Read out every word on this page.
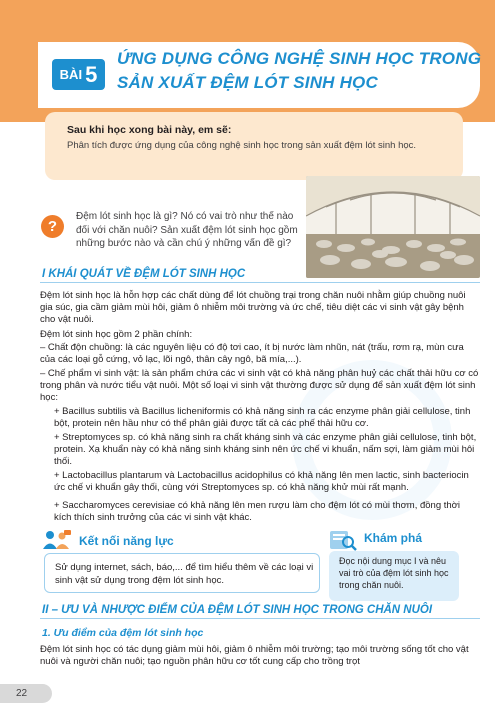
BÀI 5
ỨNG DỤNG CÔNG NGHỆ SINH HỌC TRONG
SẢN XUẤT ĐỆM LÓT SINH HỌC
Sau khi học xong bài này, em sẽ:
Phân tích được ứng dụng của công nghệ sinh học trong sản xuất đệm lót sinh học.
?
Đệm lót sinh học là gì? Nó có vai trò như thế nào đối với chăn nuôi? Sản xuất đệm lót sinh học gồm những bước nào và cần chú ý những vấn đề gì?
I KHÁI QUÁT VỀ ĐỆM LÓT SINH HỌC
Đệm lót sinh học là hỗn hợp các chất dùng để lót chuồng trại trong chăn nuôi nhằm giúp chuồng nuôi gia súc, gia cầm giảm mùi hôi, giảm ô nhiễm môi trường và ức chế, tiêu diệt các vi sinh vật gây bệnh cho vật nuôi.
Đệm lót sinh học gồm 2 phần chính:
– Chất độn chuồng: là các nguyên liệu có độ tơi cao, ít bị nước làm nhũn, nát (trấu, rơm rạ, mùn cưa của các loại gỗ cứng, vỏ lạc, lõi ngô, thân cây ngô, bã mía,...).
– Chế phẩm vi sinh vật: là sản phẩm chứa các vi sinh vật có khả năng phân huỷ các chất thải hữu cơ có trong phân và nước tiểu vật nuôi. Một số loại vi sinh vật thường được sử dụng để sản xuất đệm lót sinh học:
+ Bacillus subtilis và Bacillus licheniformis có khả năng sinh ra các enzyme phân giải cellulose, tinh bột, protein nên hầu như có thể phân giải được tất cả các phế thải hữu cơ.
+ Streptomyces sp. có khả năng sinh ra chất kháng sinh và các enzyme phân giải cellulose, tinh bột, protein. Xạ khuẩn này có khả năng sinh kháng sinh nên ức chế vi khuẩn, nấm sợi, làm giảm mùi hôi thối.
+ Lactobacillus plantarum và Lactobacillus acidophilus có khả năng lên men lactic, sinh bacteriocin ức chế vi khuẩn gây thối, cùng với Streptomyces sp. có khả năng khử mùi rất mạnh.
+ Saccharomyces cerevisiae có khả năng lên men rượu làm cho đệm lót có mùi thơm, đồng thời kích thích sinh trưởng của các vi sinh vật khác.
Kết nối năng lực
Sử dụng internet, sách, báo,... để tìm hiểu thêm về các loại vi sinh vật sử dụng trong đệm lót sinh học.
Khám phá
Đọc nội dung mục I và nêu vai trò của đệm lót sinh học trong chăn nuôi.
II – ƯU VÀ NHƯỢC ĐIỂM CỦA ĐỆM LÓT SINH HỌC TRONG CHĂN NUÔI
1. Ưu điểm của đệm lót sinh học
Đệm lót sinh học có tác dụng giảm mùi hôi, giảm ô nhiễm môi trường; tạo môi trường sống tốt cho vật nuôi và người chăn nuôi; tạo nguồn phân hữu cơ tốt cung cấp cho trồng trọt
22
